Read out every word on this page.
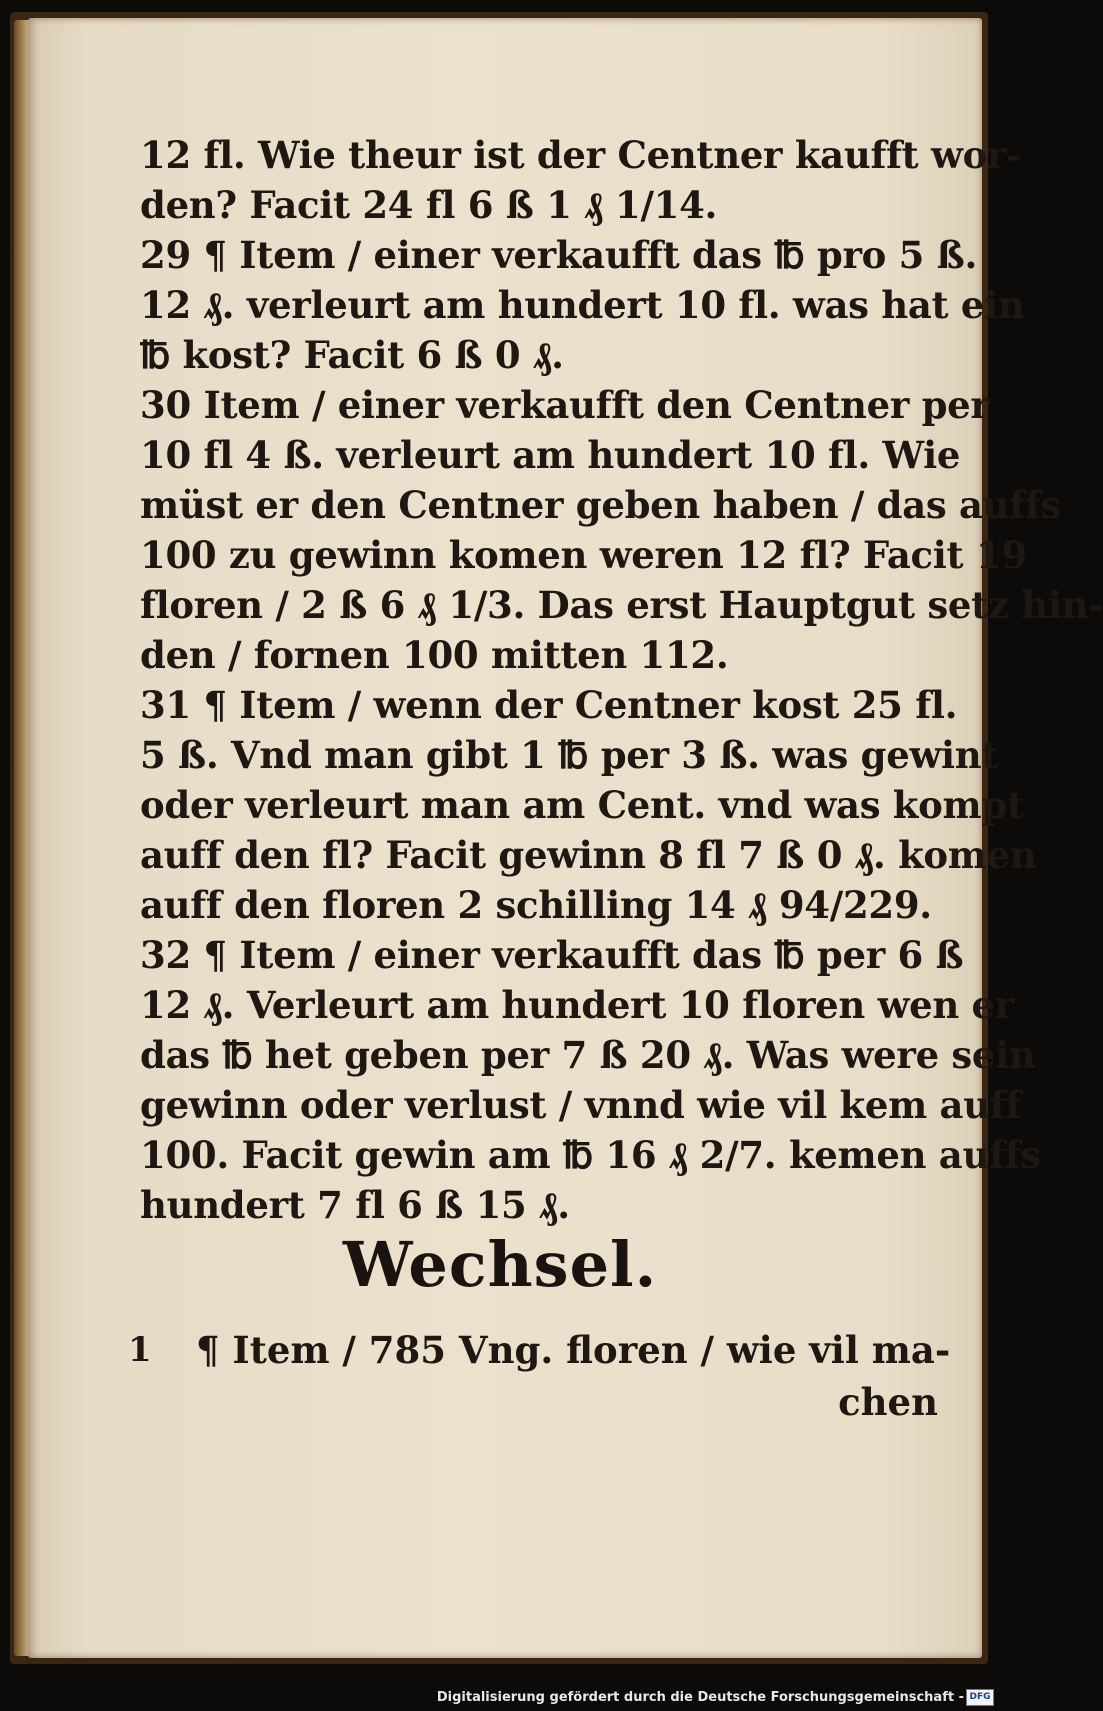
12 fl. Wie theur ist der Centner kaufft wor-
den? Facit 24 fl 6 ß 1 ₰ 1/14.
29 ¶ Item / einer verkaufft das ℔ pro 5 ß.
12 ₰. verleurt am hundert 10 fl. was hat ein
℔ kost? Facit 6 ß 0 ₰.
30 Item / einer verkaufft den Centner per
10 fl 4 ß. verleurt am hundert 10 fl. Wie
müst er den Centner geben haben / das auffs
100 zu gewinn komen weren 12 fl? Facit 19
floren / 2 ß 6 ₰ 1/3. Das erst Hauptgut setz hin-
den / fornen 100 mitten 112.
31 ¶ Item / wenn der Centner kost 25 fl.
5 ß. Vnd man gibt 1 ℔ per 3 ß. was gewint
oder verleurt man am Cent. vnd was kompt
auff den fl? Facit gewinn 8 fl 7 ß 0 ₰. komen
auff den floren 2 schilling 14 ₰ 94/229.
32 ¶ Item / einer verkaufft das ℔ per 6 ß
12 ₰. Verleurt am hundert 10 floren wen er
das ℔ het geben per 7 ß 20 ₰. Was were sein
gewinn oder verlust / vnnd wie vil kem auff
100. Facit gewin am ℔ 16 ₰ 2/7. kemen auffs
hundert 7 fl 6 ß 15 ₰.
Wechsel.
1 ¶ Item / 785 Vng. floren / wie vil ma-
chen
Digitalisierung gefördert durch die Deutsche Forschungsgemeinschaft - DFG
